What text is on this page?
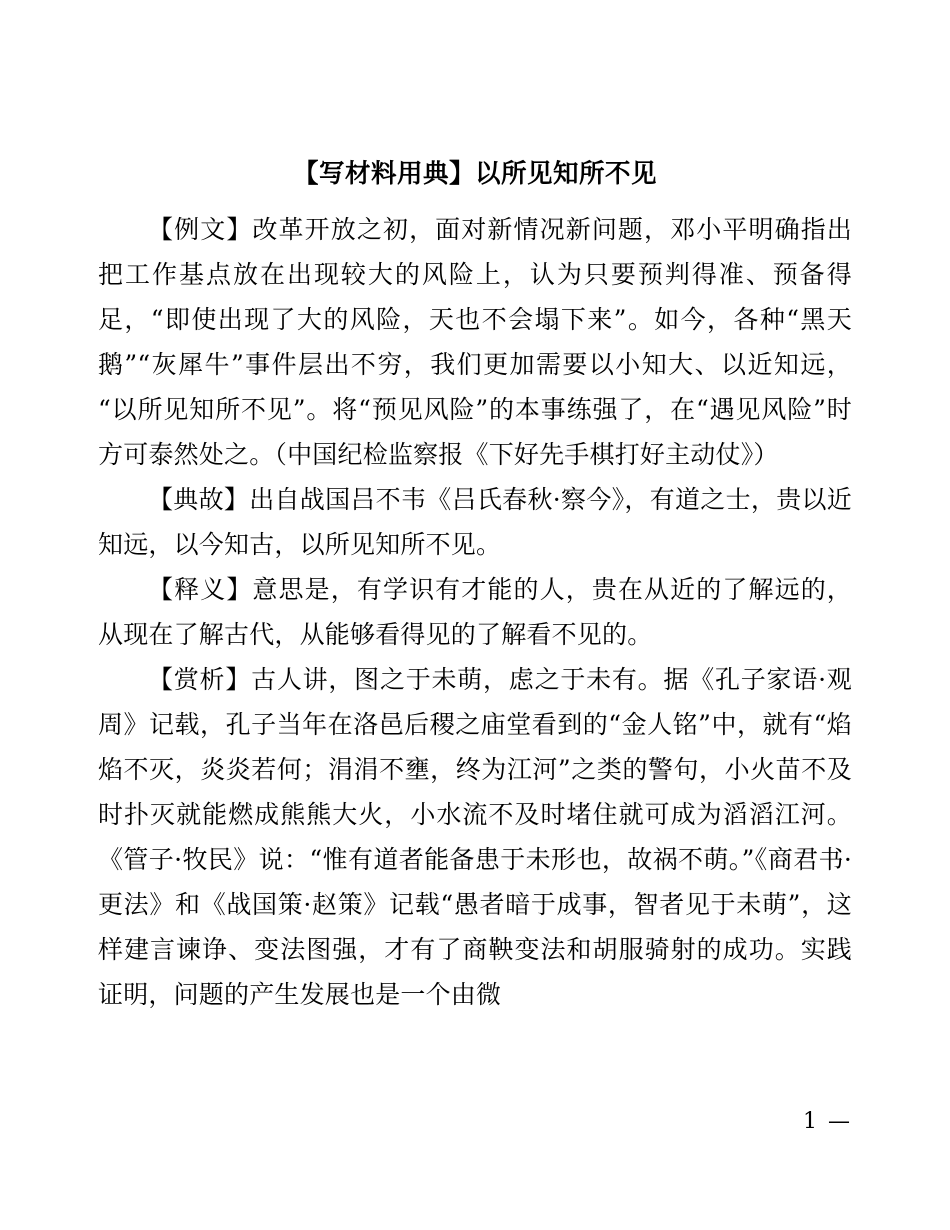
【写材料用典】以所见知所不见

【例文】改革开放之初，面对新情况新问题，邓小平明确指出把工作基点放在出现较大的风险上，认为只要预判得准、预备得足，“即使出现了大的风险，天也不会塌下来”。如今，各种“黑天鹅”“灰犀牛”事件层出不穷，我们更加需要以小知大、以近知远，“以所见知所不见”。将“预见风险”的本事练强了，在“遇见风险”时方可泰然处之。（中国纪检监察报《下好先手棋打好主动仗》）

【典故】出自战国吕不韦《吕氏春秋·察今》，有道之士，贵以近知远，以今知古，以所见知所不见。

【释义】意思是，有学识有才能的人，贵在从近的了解远的，从现在了解古代，从能够看得见的了解看不见的。

【赏析】古人讲，图之于未萌，虑之于未有。据《孔子家语·观周》记载，孔子当年在洛邑后稷之庙堂看到的“金人铭”中，就有“焰焰不灭，炎炎若何；涓涓不壅，终为江河”之类的警句，小火苗不及时扑灭就能燃成熊熊大火，小水流不及时堵住就可成为滔滔江河。《管子·牧民》说：“惟有道者能备患于未形也，故祸不萌。”《商君书·更法》和《战国策·赵策》记载“愚者暗于成事，智者见于未萌”，这样建言谏诤、变法图强，才有了商鞅变法和胡服骑射的成功。实践证明，问题的产生发展也是一个由微

1 —
